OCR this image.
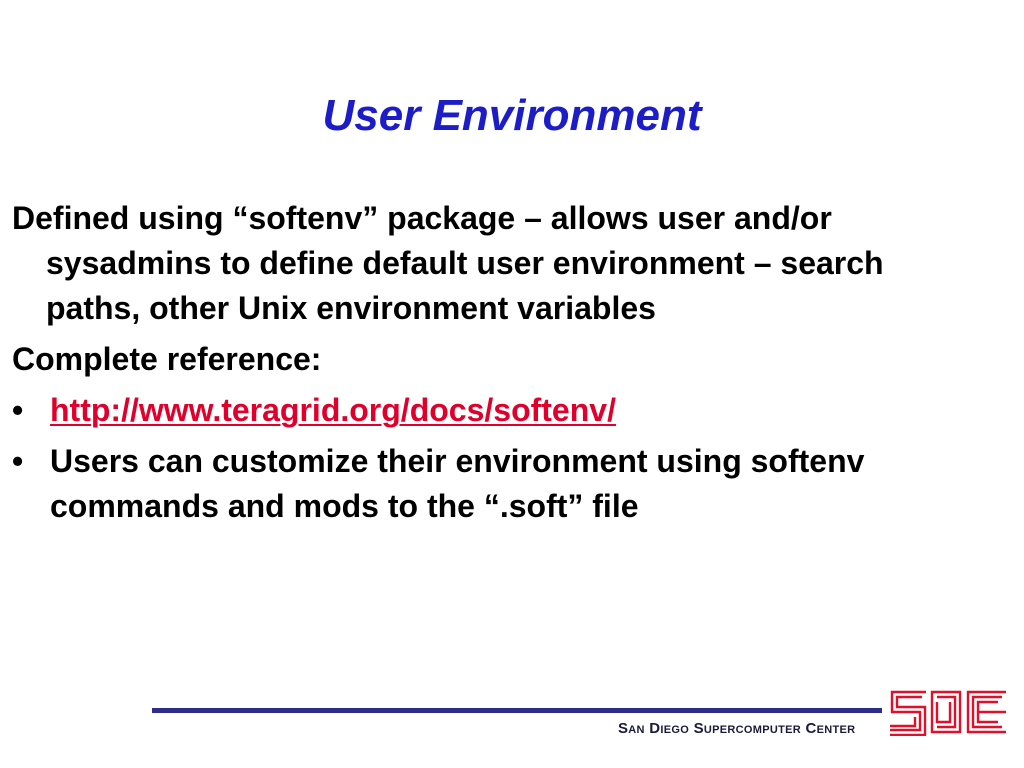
User Environment

Defined using “softenv” package – allows user and/or sysadmins to define default user environment – search paths, other Unix environment variables

Complete reference:

• http://www.teragrid.org/docs/softenv/
• Users can customize their environment using softenv commands and mods to the “.soft” file
San Diego Supercomputer Center
